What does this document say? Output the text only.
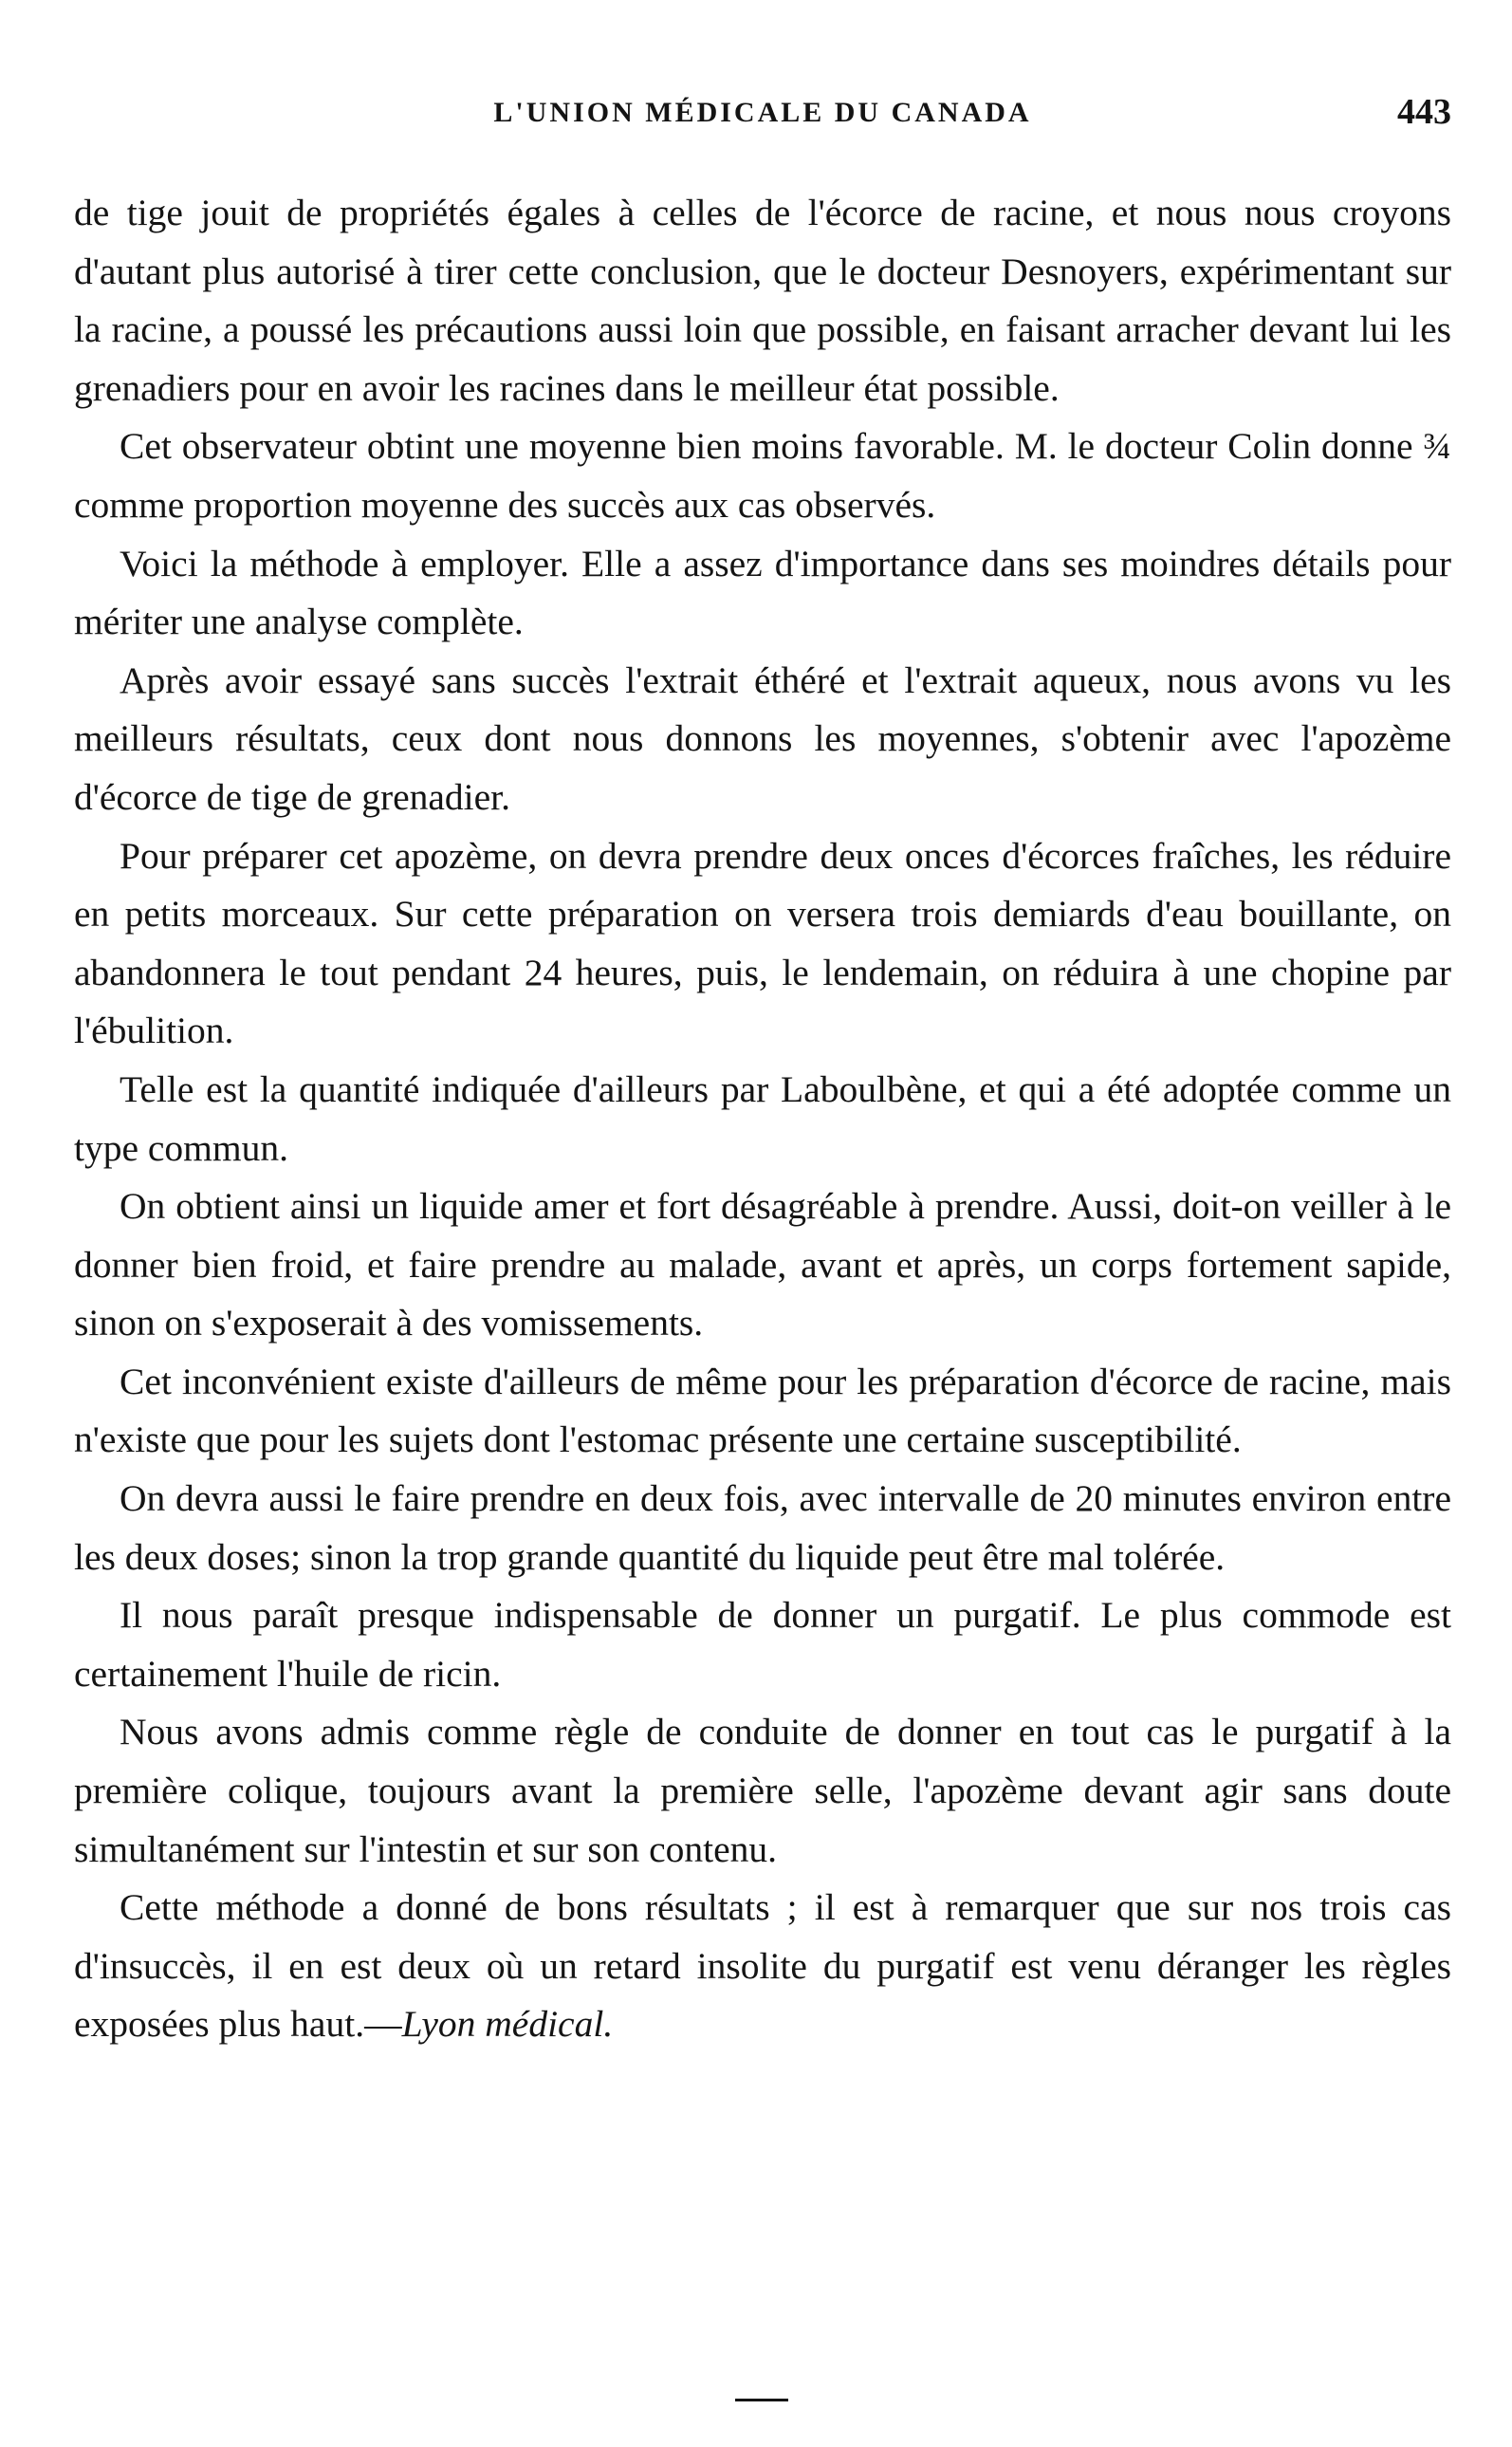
L'UNION MÉDICALE DU CANADA	443

de tige jouit de propriétés égales à celles de l'écorce de racine, et nous nous croyons d'autant plus autorisé à tirer cette conclusion, que le docteur Desnoyers, expérimentant sur la racine, a poussé les précautions aussi loin que possible, en faisant arracher devant lui les grenadiers pour en avoir les racines dans le meilleur état possible.

Cet observateur obtint une moyenne bien moins favorable. M. le docteur Colin donne ¾ comme proportion moyenne des succès aux cas observés.

Voici la méthode à employer. Elle a assez d'importance dans ses moindres détails pour mériter une analyse complète.

Après avoir essayé sans succès l'extrait éthéré et l'extrait aqueux, nous avons vu les meilleurs résultats, ceux dont nous donnons les moyennes, s'obtenir avec l'apozème d'écorce de tige de grenadier.

Pour préparer cet apozème, on devra prendre deux onces d'écorces fraîches, les réduire en petits morceaux. Sur cette préparation on versera trois demiards d'eau bouillante, on abandonnera le tout pendant 24 heures, puis, le lendemain, on réduira à une chopine par l'ébulition.

Telle est la quantité indiquée d'ailleurs par Laboulbène, et qui a été adoptée comme un type commun.

On obtient ainsi un liquide amer et fort désagréable à prendre. Aussi, doit-on veiller à le donner bien froid, et faire prendre au malade, avant et après, un corps fortement sapide, sinon on s'exposerait à des vomissements.

Cet inconvénient existe d'ailleurs de même pour les préparation d'écorce de racine, mais n'existe que pour les sujets dont l'estomac présente une certaine susceptibilité.

On devra aussi le faire prendre en deux fois, avec intervalle de 20 minutes environ entre les deux doses; sinon la trop grande quantité du liquide peut être mal tolérée.

Il nous paraît presque indispensable de donner un purgatif. Le plus commode est certainement l'huile de ricin.

Nous avons admis comme règle de conduite de donner en tout cas le purgatif à la première colique, toujours avant la première selle, l'apozème devant agir sans doute simultanément sur l'intestin et sur son contenu.

Cette méthode a donné de bons résultats ; il est à remarquer que sur nos trois cas d'insuccès, il en est deux où un retard insolite du purgatif est venu déranger les règles exposées plus haut.—Lyon médical.
